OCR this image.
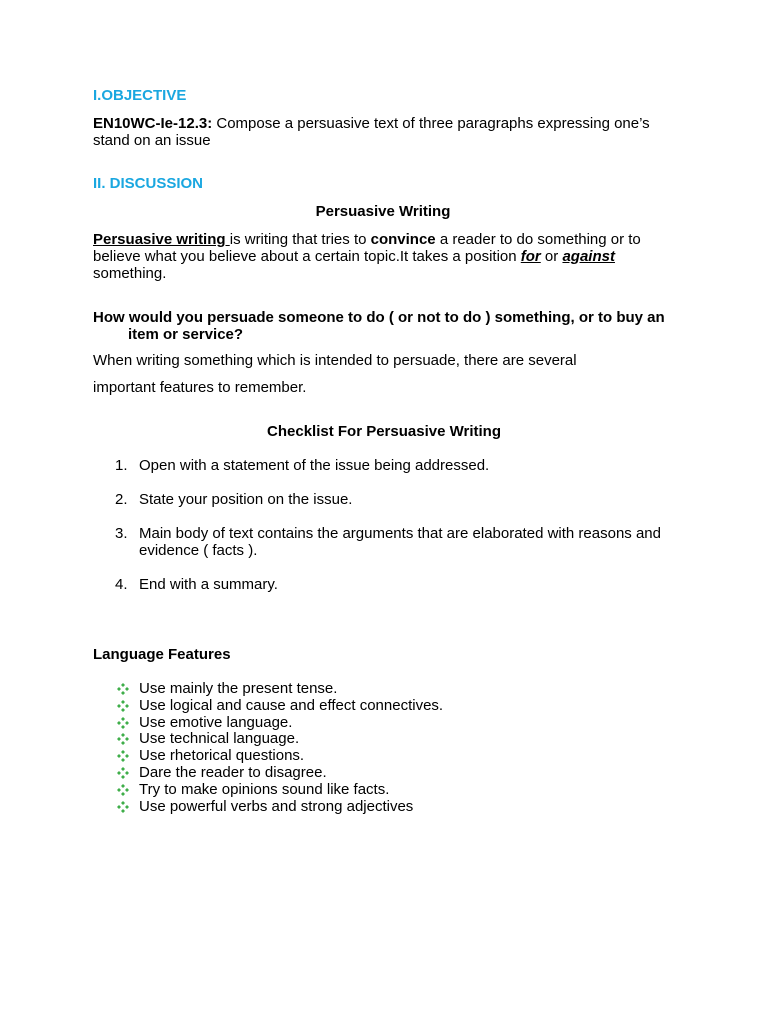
I.OBJECTIVE
EN10WC-Ie-12.3: Compose a persuasive text of three paragraphs expressing one’s stand on an issue
II. DISCUSSION
Persuasive Writing
Persuasive writing is writing that tries to convince a reader to do something or to believe what you believe about a certain topic.It takes a position for or against something.
How would you persuade someone to do ( or not to do ) something, or to buy an item or service?
When writing something which is intended to persuade, there are several
important features to remember.
Checklist For Persuasive Writing
1. Open with a statement of the issue being addressed.
2. State your position on the issue.
3. Main body of text contains the arguments that are elaborated with reasons and evidence ( facts ).
4. End with a summary.
Language Features
Use mainly the present tense.
Use logical and cause and effect connectives.
Use emotive language.
Use technical language.
Use rhetorical questions.
Dare the reader to disagree.
Try to make opinions sound like facts.
Use powerful verbs and strong adjectives
